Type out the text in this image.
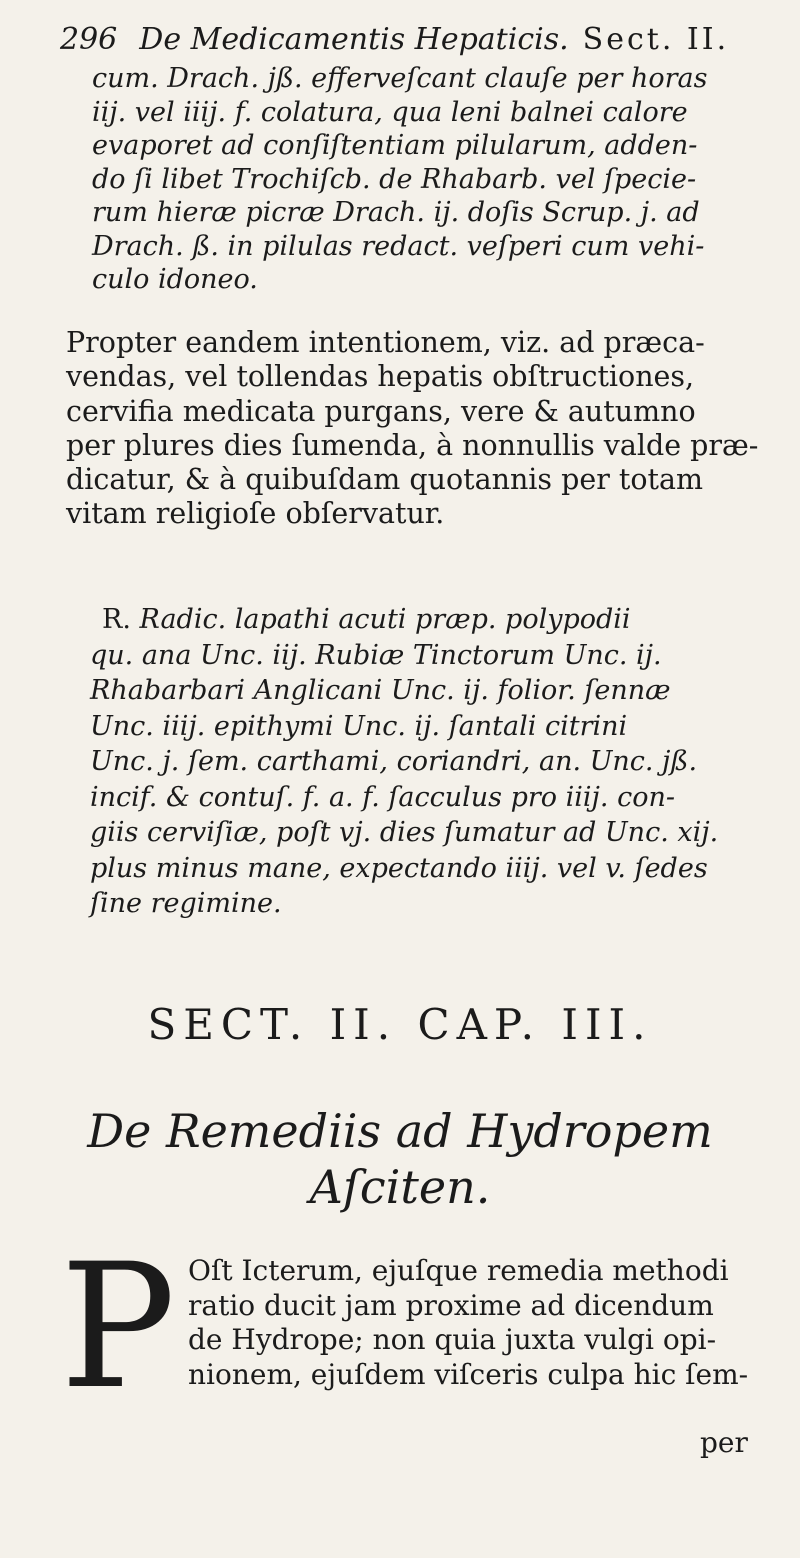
296 De Medicamentis Hepaticis. Sect. II.
cum. Drach. jß. efferveſcant clauſe per horas
iij. vel iiij. f. colatura, qua leni balnei calore
evaporet ad conſiſtentiam pilularum, adden-
do ſi libet Trochiſcb. de Rhabarb. vel ſpecie-
rum hieræ picræ Drach. ij. doſis Scrup. j. ad
Drach. ß. in pilulas redact. veſperi cum vehi-
culo idoneo.
Propter eandem intentionem, viz. ad præca-
vendas, vel tollendas hepatis obſtructiones,
cervifia medicata purgans, vere & autumno
per plures dies ſumenda, à nonnullis valde præ-
dicatur, & à quibuſdam quotannis per totam
vitam religioſe obſervatur.
R. Radic. lapathi acuti præp. polypodii
qu. ana Unc. iij. Rubiæ Tinctorum Unc. ij.
Rhabarbari Anglicani Unc. ij. folior. ſennæ
Unc. iiij. epithymi Unc. ij. ſantali citrini
Unc. j. ſem. carthami, coriandri, an. Unc. jß.
incif. & contuſ. f. a. f. ſacculus pro iiij. con-
giis cerviſiæ, poſt vj. dies ſumatur ad Unc. xij.
plus minus mane, expectando iiij. vel v. ſedes
ſine regimine.
SECT. II. CAP. III.
De Remediis ad Hydropem
Aſciten.
P Oſt Icterum, ejuſque remedia methodi
ratio ducit jam proxime ad dicendum
de Hydrope; non quia juxta vulgi opi-
nionem, ejuſdem viſceris culpa hic ſem-
per
